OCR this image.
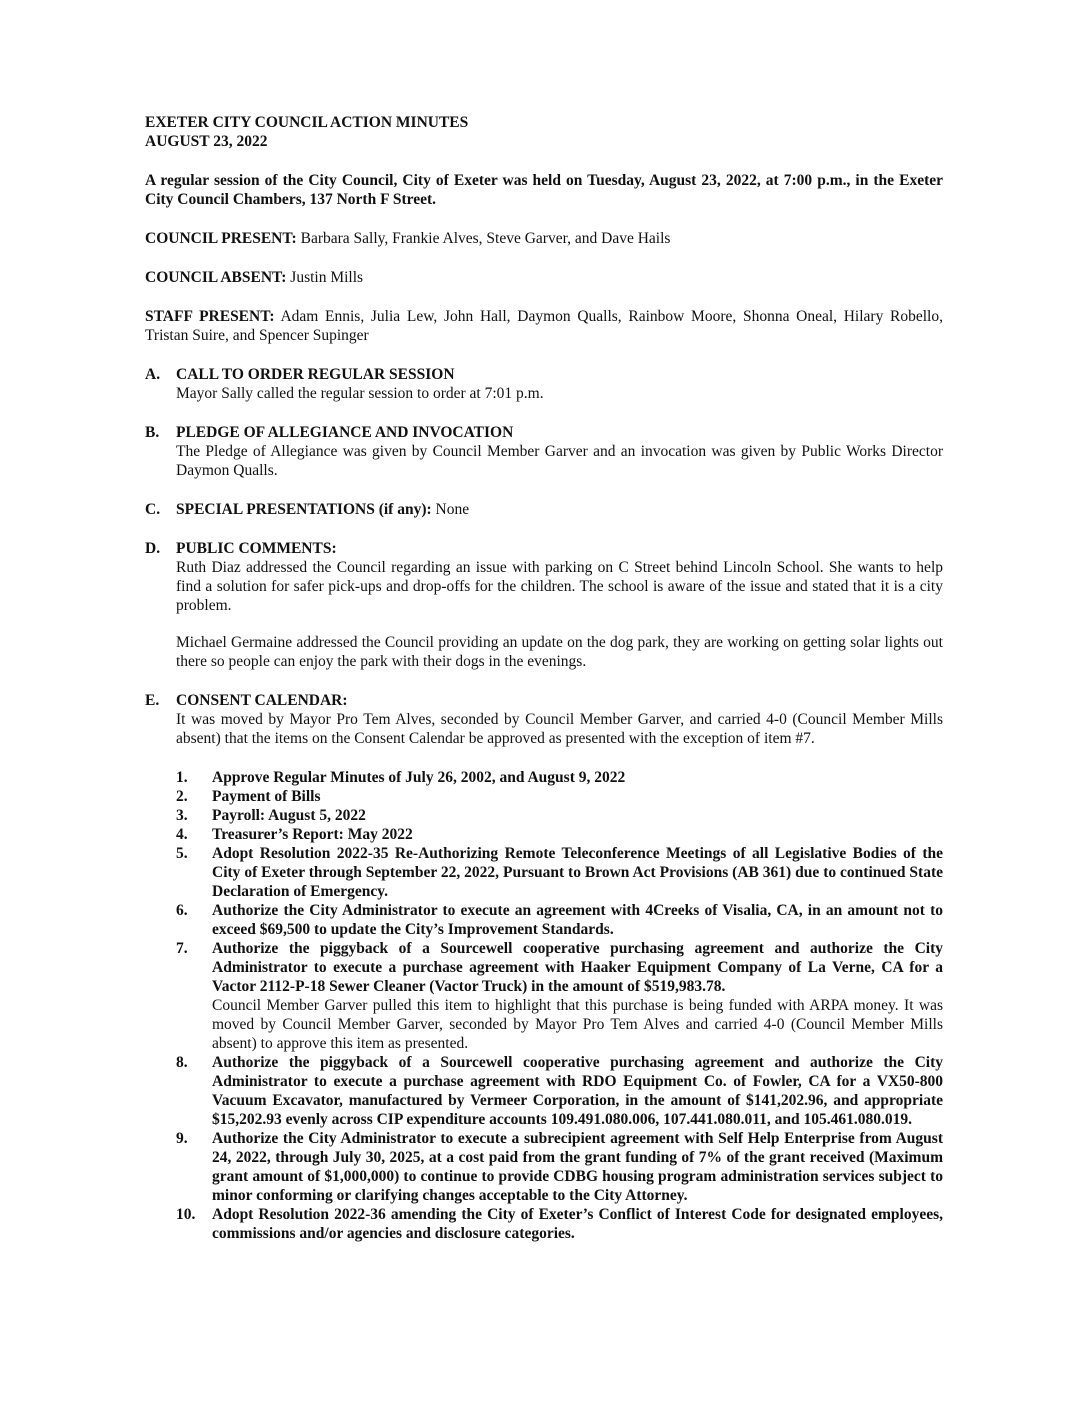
EXETER CITY COUNCIL ACTION MINUTES

AUGUST 23, 2022

A regular session of the City Council, City of Exeter was held on Tuesday, August 23, 2022, at 7:00 p.m., in the Exeter City Council Chambers, 137 North F Street.

COUNCIL PRESENT: Barbara Sally, Frankie Alves, Steve Garver, and Dave Hails

COUNCIL ABSENT: Justin Mills

STAFF PRESENT: Adam Ennis, Julia Lew, John Hall, Daymon Qualls, Rainbow Moore, Shonna Oneal, Hilary Robello, Tristan Suire, and Spencer Supinger

A.	CALL TO ORDER REGULAR SESSION

Mayor Sally called the regular session to order at 7:01 p.m.

B.	PLEDGE OF ALLEGIANCE AND INVOCATION

The Pledge of Allegiance was given by Council Member Garver and an invocation was given by Public Works Director Daymon Qualls.

C.	SPECIAL PRESENTATIONS (if any): None

D.	PUBLIC COMMENTS:

Ruth Diaz addressed the Council regarding an issue with parking on C Street behind Lincoln School. She wants to help find a solution for safer pick-ups and drop-offs for the children. The school is aware of the issue and stated that it is a city problem.

Michael Germaine addressed the Council providing an update on the dog park, they are working on getting solar lights out there so people can enjoy the park with their dogs in the evenings.

E.	CONSENT CALENDAR:

It was moved by Mayor Pro Tem Alves, seconded by Council Member Garver, and carried 4-0 (Council Member Mills absent) that the items on the Consent Calendar be approved as presented with the exception of item #7.

1.	Approve Regular Minutes of July 26, 2002, and August 9, 2022

2.	Payment of Bills

3.	Payroll: August 5, 2022

4.	Treasurer’s Report: May 2022

5.	Adopt Resolution 2022-35 Re-Authorizing Remote Teleconference Meetings of all Legislative Bodies of the City of Exeter through September 22, 2022, Pursuant to Brown Act Provisions (AB 361) due to continued State Declaration of Emergency.

6.	Authorize the City Administrator to execute an agreement with 4Creeks of Visalia, CA, in an amount not to exceed $69,500 to update the City’s Improvement Standards.

7.	Authorize the piggyback of a Sourcewell cooperative purchasing agreement and authorize the City Administrator to execute a purchase agreement with Haaker Equipment Company of La Verne, CA for a Vactor 2112-P-18 Sewer Cleaner (Vactor Truck) in the amount of $519,983.78.

Council Member Garver pulled this item to highlight that this purchase is being funded with ARPA money. It was moved by Council Member Garver, seconded by Mayor Pro Tem Alves and carried 4-0 (Council Member Mills absent) to approve this item as presented.

8.	Authorize the piggyback of a Sourcewell cooperative purchasing agreement and authorize the City Administrator to execute a purchase agreement with RDO Equipment Co. of Fowler, CA for a VX50-800 Vacuum Excavator, manufactured by Vermeer Corporation, in the amount of $141,202.96, and appropriate $15,202.93 evenly across CIP expenditure accounts 109.491.080.006, 107.441.080.011, and 105.461.080.019.

9.	Authorize the City Administrator to execute a subrecipient agreement with Self Help Enterprise from August 24, 2022, through July 30, 2025, at a cost paid from the grant funding of 7% of the grant received (Maximum grant amount of $1,000,000) to continue to provide CDBG housing program administration services subject to minor conforming or clarifying changes acceptable to the City Attorney.

10.	Adopt Resolution 2022-36 amending the City of Exeter’s Conflict of Interest Code for designated employees, commissions and/or agencies and disclosure categories.
